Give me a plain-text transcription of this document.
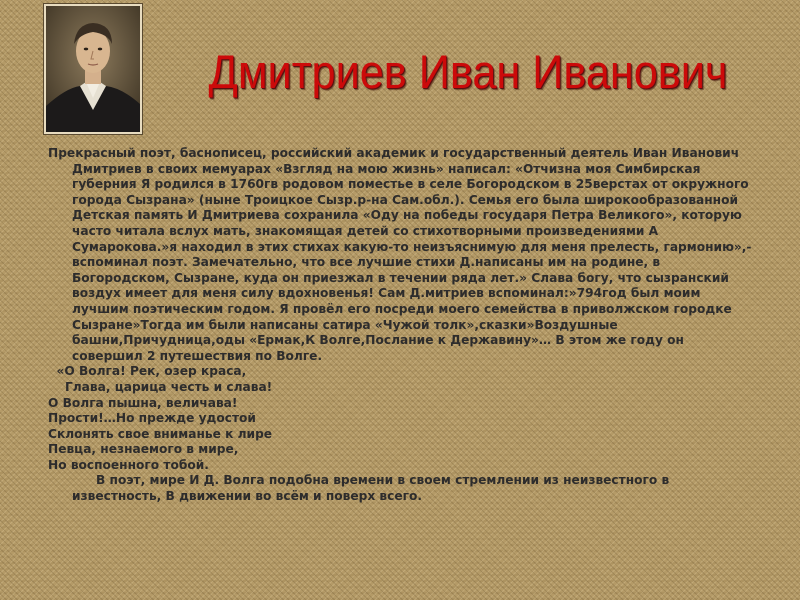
Дмитриев Иван Иванович

Прекрасный поэт, баснописец, российский академик и государственный деятель Иван Иванович Дмитриев в своих мемуарах «Взгляд на мою жизнь» написал: «Отчизна моя Симбирская губерния Я родился в 1760гв родовом поместье в селе Богородском в 25верстах от окружного города Сызрана» (ныне Троицкое Сызр.р-на Сам.обл.). Семья его была широкообразованной Детская память И Дмитриева сохранила «Оду на победы государя Петра Великого», которую часто читала вслух мать, знакомящая детей со стихотворными произведениями А Сумарокова.»я находил в этих стихах какую-то неизъяснимую для меня прелесть, гармонию»,-вспоминал поэт. Замечательно, что все лучшие стихи Д.написаны им на родине, в Богородском, Сызране, куда он приезжал в течении ряда лет.» Слава богу, что сызранский воздух имеет для меня силу вдохновенья! Сам Д.митриев вспоминал:»794год был моим лучшим поэтическим годом. Я провёл его посреди моего семейства в приволжском городке Сызране»Тогда им были написаны сатира «Чужой толк»,сказки»Воздушные башни,Причудница,оды «Ермак,К Волге,Послание к Державину»… В этом же году он совершил 2 путешествия по Волге.

«О Волга! Рек, озер краса,

Глава, царица честь и слава!

О Волга пышна, величава!

Прости!…Но прежде удостой

Склонять свое вниманье к лире

Певца, незнаемого в мире,

Но воспоенного тобой.

В поэт, мире И Д. Волга подобна времени в своем стремлении из неизвестного в известность, В движении во всём и поверх всего.
